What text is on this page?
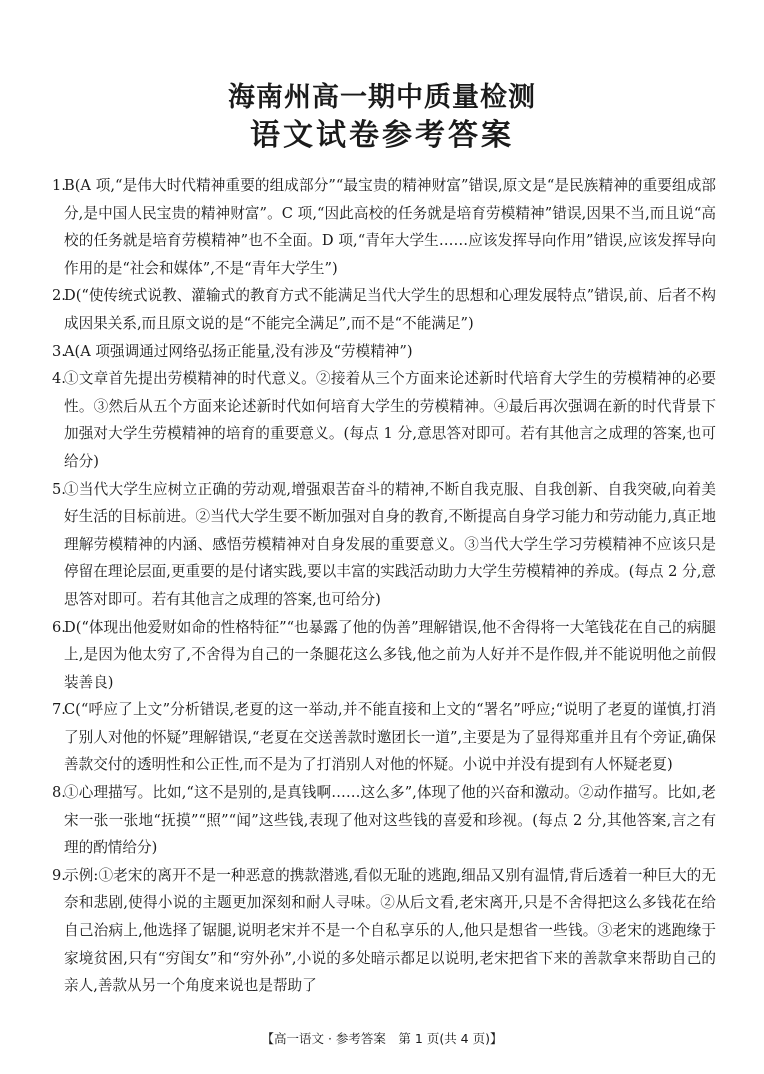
海南州高一期中质量检测
语文试卷参考答案
1.
B(A 项,“是伟大时代精神重要的组成部分”“最宝贵的精神财富”错误,原文是“是民族精神的重要组成部分,是中国人民宝贵的精神财富”。C 项,“因此高校的任务就是培育劳模精神”错误,因果不当,而且说“高校的任务就是培育劳模精神”也不全面。D 项,“青年大学生……应该发挥导向作用”错误,应该发挥导向作用的是“社会和媒体”,不是“青年大学生”)
2.
D(“使传统式说教、灌输式的教育方式不能满足当代大学生的思想和心理发展特点”错误,前、后者不构成因果关系,而且原文说的是“不能完全满足”,而不是“不能满足”)
3.
A(A 项强调通过网络弘扬正能量,没有涉及“劳模精神”)
4.
①文章首先提出劳模精神的时代意义。②接着从三个方面来论述新时代培育大学生的劳模精神的必要性。③然后从五个方面来论述新时代如何培育大学生的劳模精神。④最后再次强调在新的时代背景下加强对大学生劳模精神的培育的重要意义。(每点 1 分,意思答对即可。若有其他言之成理的答案,也可给分)
5.
①当代大学生应树立正确的劳动观,增强艰苦奋斗的精神,不断自我克服、自我创新、自我突破,向着美好生活的目标前进。②当代大学生要不断加强对自身的教育,不断提高自身学习能力和劳动能力,真正地理解劳模精神的内涵、感悟劳模精神对自身发展的重要意义。③当代大学生学习劳模精神不应该只是停留在理论层面,更重要的是付诸实践,要以丰富的实践活动助力大学生劳模精神的养成。(每点 2 分,意思答对即可。若有其他言之成理的答案,也可给分)
6.
D(“体现出他爱财如命的性格特征”“也暴露了他的伪善”理解错误,他不舍得将一大笔钱花在自己的病腿上,是因为他太穷了,不舍得为自己的一条腿花这么多钱,他之前为人好并不是作假,并不能说明他之前假装善良)
7.
C(“呼应了上文”分析错误,老夏的这一举动,并不能直接和上文的“署名”呼应;“说明了老夏的谨慎,打消了别人对他的怀疑”理解错误,“老夏在交送善款时邀团长一道”,主要是为了显得郑重并且有个旁证,确保善款交付的透明性和公正性,而不是为了打消别人对他的怀疑。小说中并没有提到有人怀疑老夏)
8.
①心理描写。比如,“这不是别的,是真钱啊……这么多”,体现了他的兴奋和激动。②动作描写。比如,老宋一张一张地“抚摸”“照”“闻”这些钱,表现了他对这些钱的喜爱和珍视。(每点 2 分,其他答案,言之有理的酌情给分)
9.
示例:①老宋的离开不是一种恶意的携款潜逃,看似无耻的逃跑,细品又别有温情,背后透着一种巨大的无奈和悲剧,使得小说的主题更加深刻和耐人寻味。②从后文看,老宋离开,只是不舍得把这么多钱花在给自己治病上,他选择了锯腿,说明老宋并不是一个自私享乐的人,他只是想省一些钱。③老宋的逃跑缘于家境贫困,只有“穷闺女”和“穷外孙”,小说的多处暗示都足以说明,老宋把省下来的善款拿来帮助自己的亲人,善款从另一个角度来说也是帮助了
【高一语文 · 参考答案　第 1 页(共 4 页)】
